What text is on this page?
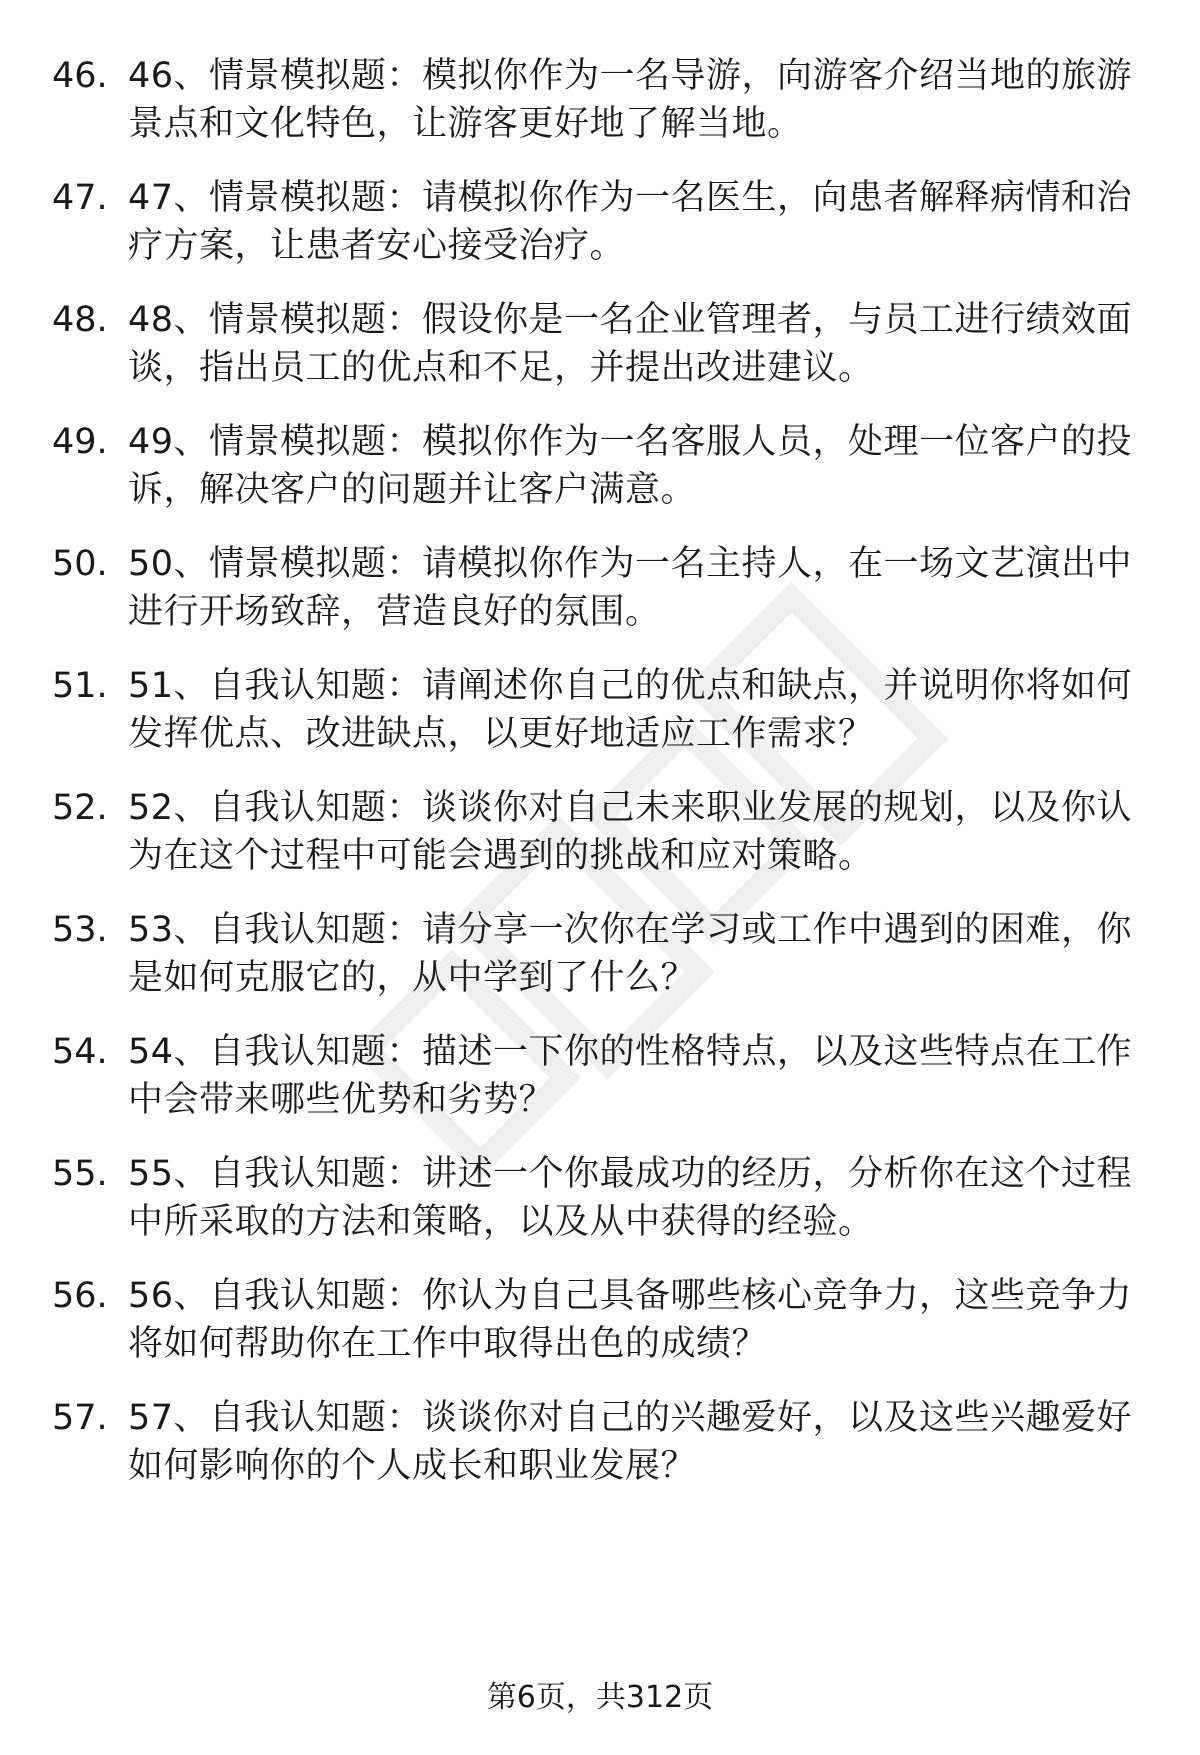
46. 46、情景模拟题：模拟你作为一名导游，向游客介绍当地的旅游景点和文化特色，让游客更好地了解当地。
47. 47、情景模拟题：请模拟你作为一名医生，向患者解释病情和治疗方案，让患者安心接受治疗。
48. 48、情景模拟题：假设你是一名企业管理者，与员工进行绩效面谈，指出员工的优点和不足，并提出改进建议。
49. 49、情景模拟题：模拟你作为一名客服人员，处理一位客户的投诉，解决客户的问题并让客户满意。
50. 50、情景模拟题：请模拟你作为一名主持人，在一场文艺演出中进行开场致辞，营造良好的氛围。
51. 51、自我认知题：请阐述你自己的优点和缺点，并说明你将如何发挥优点、改进缺点，以更好地适应工作需求？
52. 52、自我认知题：谈谈你对自己未来职业发展的规划，以及你认为在这个过程中可能会遇到的挑战和应对策略。
53. 53、自我认知题：请分享一次你在学习或工作中遇到的困难，你是如何克服它的，从中学到了什么？
54. 54、自我认知题：描述一下你的性格特点，以及这些特点在工作中会带来哪些优势和劣势？
55. 55、自我认知题：讲述一个你最成功的经历，分析你在这个过程中所采取的方法和策略，以及从中获得的经验。
56. 56、自我认知题：你认为自己具备哪些核心竞争力，这些竞争力将如何帮助你在工作中取得出色的成绩？
57. 57、自我认知题：谈谈你对自己的兴趣爱好，以及这些兴趣爱好如何影响你的个人成长和职业发展？
第6页，共312页
